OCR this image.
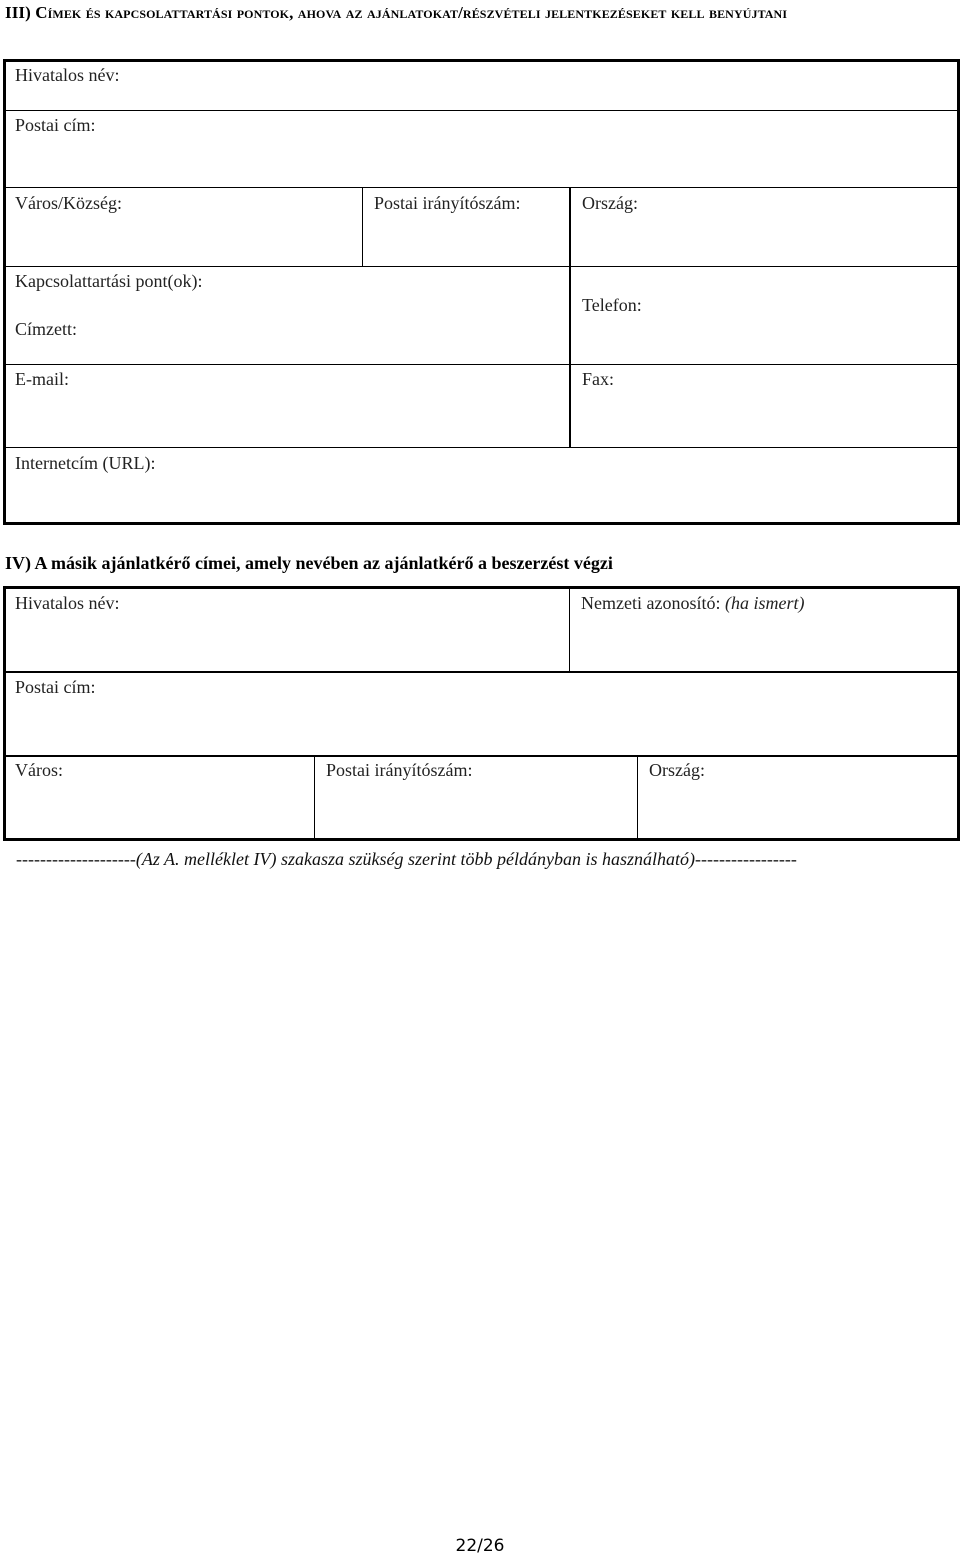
III) Címek és kapcsolattartási pontok, ahova az ajánlatokat/részvételi jelentkezéseket kell benyújtani
Hivatalos név:
Postai cím:
Város/Község:	Postai irányítószám:	Ország:
Kapcsolattartási pont(ok):
Címzett:
Telefon:
E-mail:	Fax:
Internetcím (URL):
IV) A másik ajánlatkérő címei, amely nevében az ajánlatkérő a beszerzést végzi
Hivatalos név:	Nemzeti azonosító: (ha ismert)
Postai cím:
Város:	Postai irányítószám:	Ország:
--------------------(Az A. melléklet IV) szakasza szükség szerint több példányban is használható)-----------------
22/26
